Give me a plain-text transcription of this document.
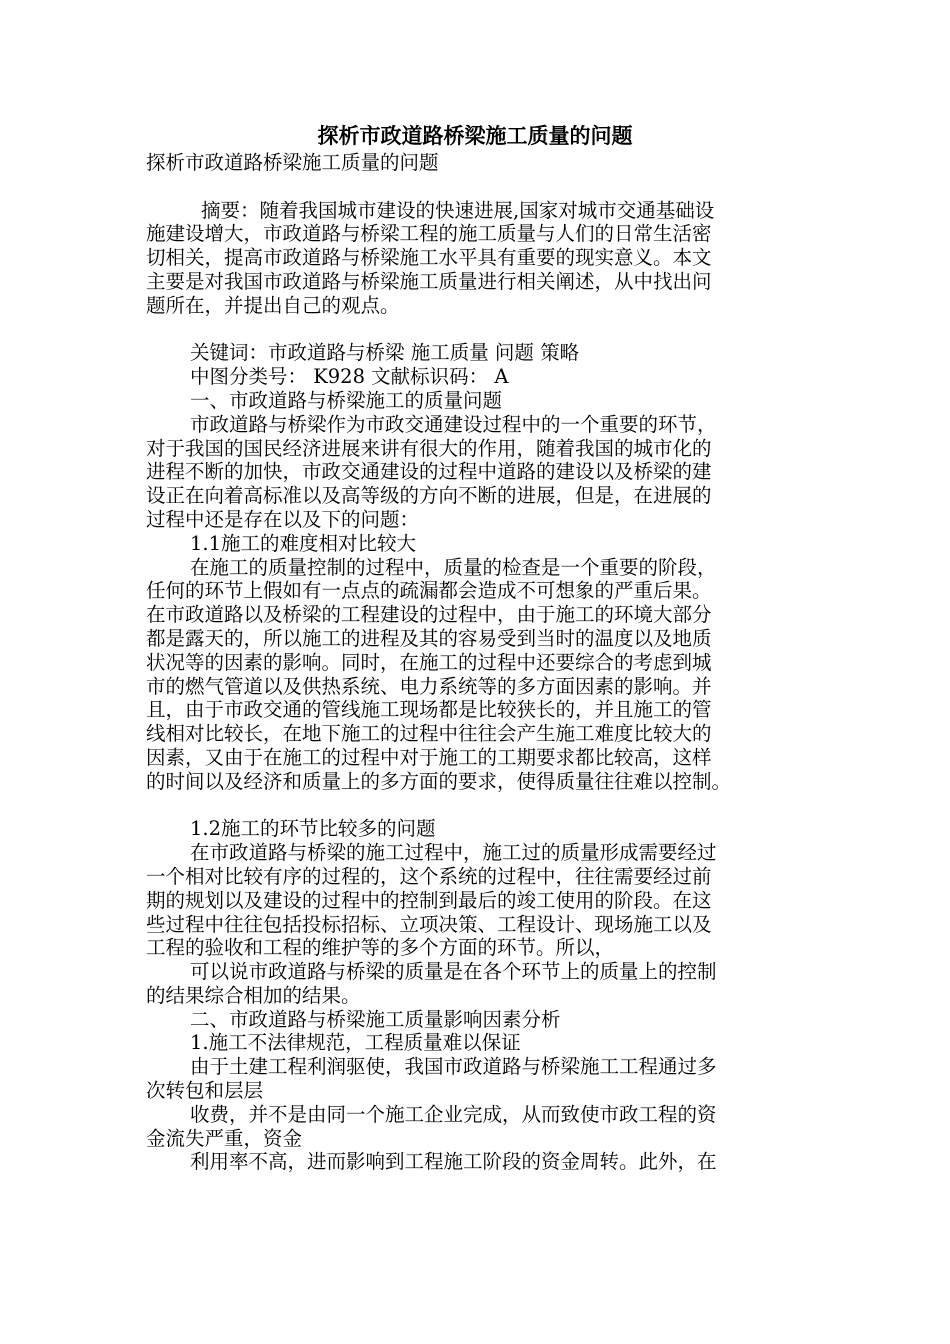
探析市政道路桥梁施工质量的问题
探析市政道路桥梁施工质量的问题
摘要：随着我国城市建设的快速进展,国家对城市交通基础设
施建设增大，市政道路与桥梁工程的施工质量与人们的日常生活密
切相关，提高市政道路与桥梁施工水平具有重要的现实意义。本文
主要是对我国市政道路与桥梁施工质量进行相关阐述，从中找出问
题所在，并提出自己的观点。
关键词：市政道路与桥梁 施工质量 问题 策略
中图分类号： K928 文献标识码： A
一、市政道路与桥梁施工的质量问题
市政道路与桥梁作为市政交通建设过程中的一个重要的环节，
对于我国的国民经济进展来讲有很大的作用，随着我国的城市化的
进程不断的加快，市政交通建设的过程中道路的建设以及桥梁的建
设正在向着高标准以及高等级的方向不断的进展，但是，在进展的
过程中还是存在以及下的问题：
1.1施工的难度相对比较大
在施工的质量控制的过程中，质量的检查是一个重要的阶段，
任何的环节上假如有一点点的疏漏都会造成不可想象的严重后果。
在市政道路以及桥梁的工程建设的过程中，由于施工的环境大部分
都是露天的，所以施工的进程及其的容易受到当时的温度以及地质
状况等的因素的影响。同时，在施工的过程中还要综合的考虑到城
市的燃气管道以及供热系统、电力系统等的多方面因素的影响。并
且，由于市政交通的管线施工现场都是比较狭长的，并且施工的管
线相对比较长，在地下施工的过程中往往会产生施工难度比较大的
因素，又由于在施工的过程中对于施工的工期要求都比较高，这样
的时间以及经济和质量上的多方面的要求，使得质量往往难以控制。
1.2施工的环节比较多的问题
在市政道路与桥梁的施工过程中，施工过的质量形成需要经过
一个相对比较有序的过程的，这个系统的过程中，往往需要经过前
期的规划以及建设的过程中的控制到最后的竣工使用的阶段。在这
些过程中往往包括投标招标、立项决策、工程设计、现场施工以及
工程的验收和工程的维护等的多个方面的环节。所以，
可以说市政道路与桥梁的质量是在各个环节上的质量上的控制
的结果综合相加的结果。
二、市政道路与桥梁施工质量影响因素分析
1.施工不法律规范，工程质量难以保证
由于土建工程利润驱使，我国市政道路与桥梁施工工程通过多
次转包和层层
收费，并不是由同一个施工企业完成，从而致使市政工程的资
金流失严重，资金
利用率不高，进而影响到工程施工阶段的资金周转。此外，在
